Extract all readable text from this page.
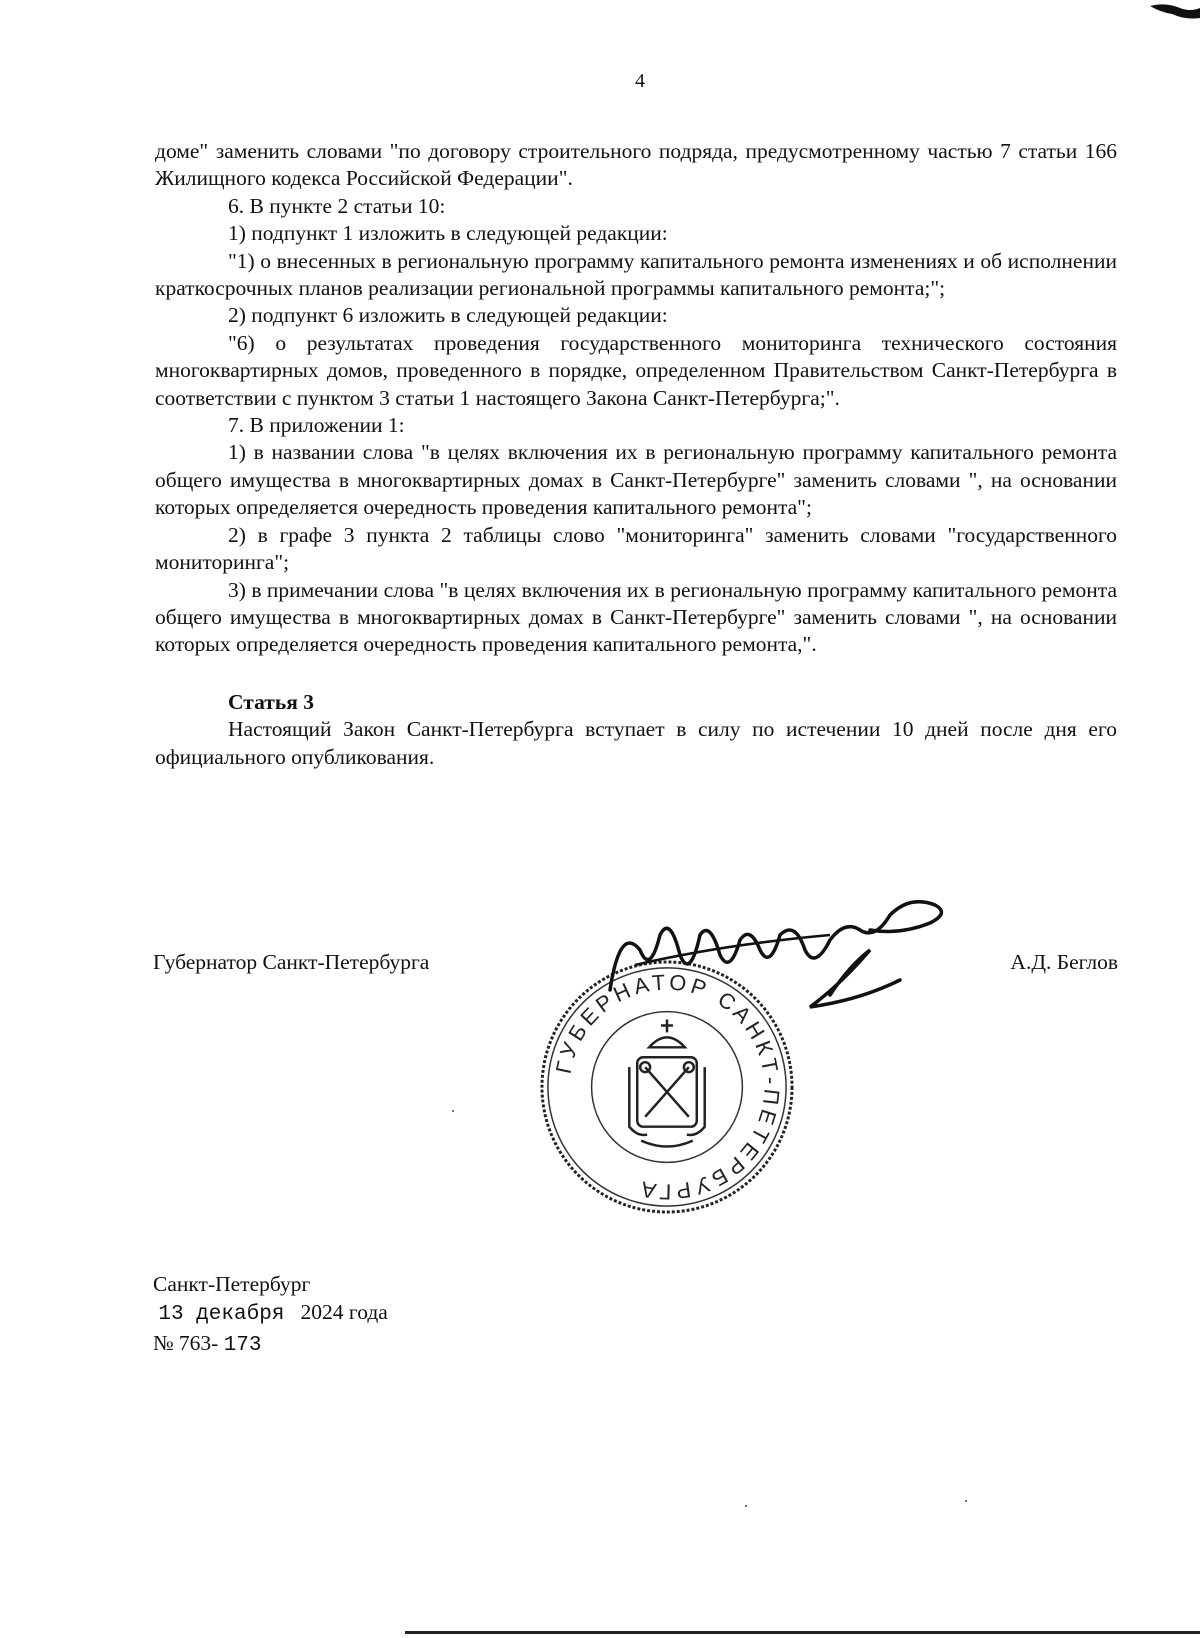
4

доме" заменить словами "по договору строительного подряда, предусмотренному частью 7 статьи 166 Жилищного кодекса Российской Федерации".

6. В пункте 2 статьи 10:

1) подпункт 1 изложить в следующей редакции:

"1) о внесенных в региональную программу капитального ремонта изменениях и об исполнении краткосрочных планов реализации региональной программы капитального ремонта;";

2) подпункт 6 изложить в следующей редакции:

"6) о результатах проведения государственного мониторинга технического состояния многоквартирных домов, проведенного в порядке, определенном Правительством Санкт-Петербурга в соответствии с пунктом 3 статьи 1 настоящего Закона Санкт-Петербурга;".

7. В приложении 1:

1) в названии слова "в целях включения их в региональную программу капитального ремонта общего имущества в многоквартирных домах в Санкт-Петербурге" заменить словами ", на основании которых определяется очередность проведения капитального ремонта";

2) в графе 3 пункта 2 таблицы слово "мониторинга" заменить словами "государственного мониторинга";

3) в примечании слова "в целях включения их в региональную программу капитального ремонта общего имущества в многоквартирных домах в Санкт-Петербурге" заменить словами ", на основании которых определяется очередность проведения капитального ремонта,".

Статья 3

Настоящий Закон Санкт-Петербурга вступает в силу по истечении 10 дней после дня его официального опубликования.

Губернатор Санкт-Петербурга	А.Д. Беглов
ГУБЕРНАТОР САНКТ-ПЕТЕРБУРГА
Санкт-Петербург
13 декабря 2024 года
№ 763- 173
